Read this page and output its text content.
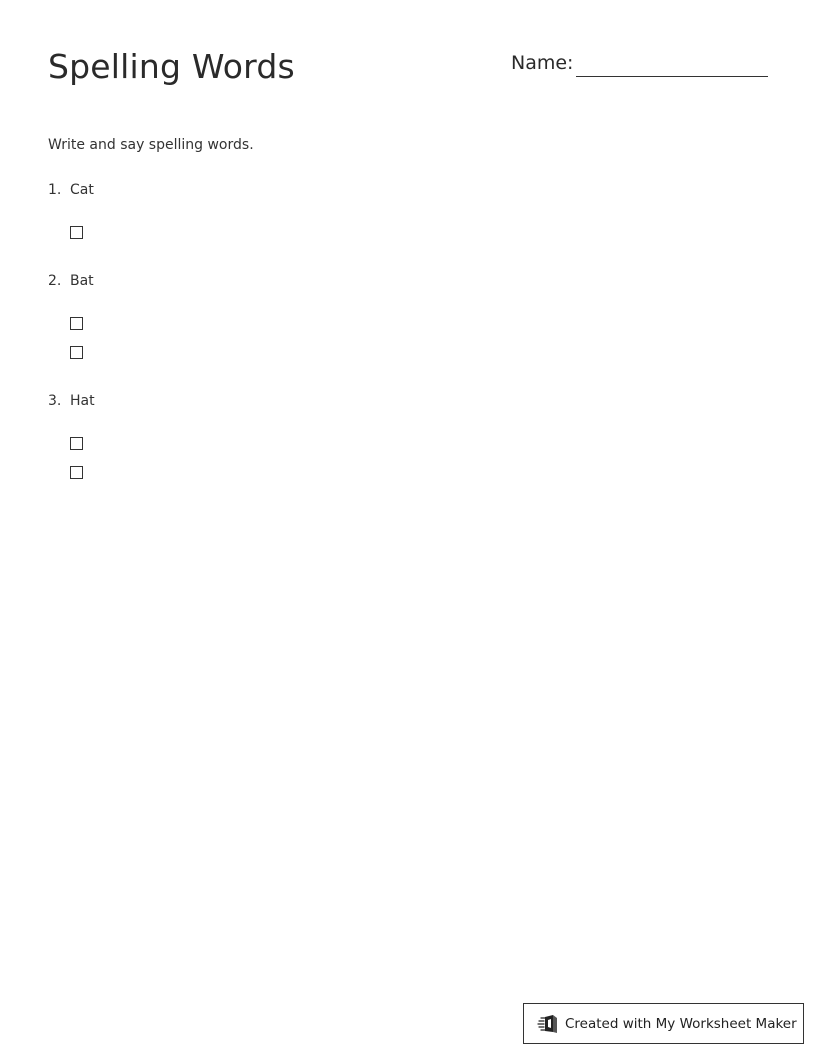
Spelling Words	Name:
Write and say spelling words.
1. Cat
2. Bat
3. Hat
Created with My Worksheet Maker
